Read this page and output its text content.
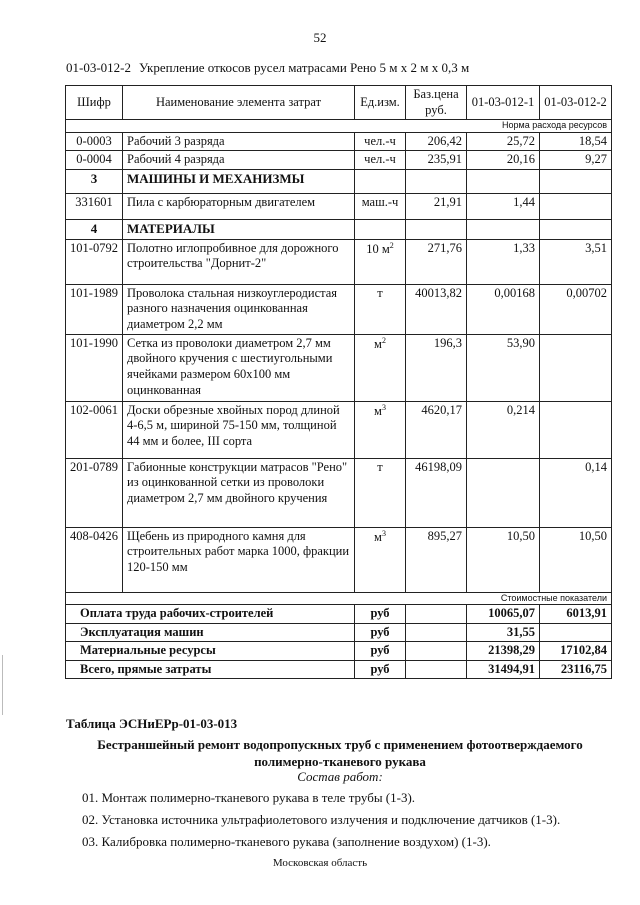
52
01-03-012-2 Укрепление откосов русел матрасами Рено 5 м х 2 м х 0,3 м
Шифр	Наименование элемента затрат	Ед.изм.	Баз.цена руб.	01-03-012-1	01-03-012-2
Норма расхода ресурсов					
0-0003	Рабочий 3 разряда	чел.-ч	206,42	25,72	18,54
0-0004	Рабочий 4 разряда	чел.-ч	235,91	20,16	9,27
3	МАШИНЫ И МЕХАНИЗМЫ				
331601	Пила с карбюраторным двигателем	маш.-ч	21,91	1,44	
4	МАТЕРИАЛЫ				
101-0792	Полотно иглопробивное для дорожного строительства "Дорнит-2"	10 $м^2$	271,76	1,33	3,51
101-1989	Проволока стальная низкоуглеродистая разного назначения оцинкованная диаметром 2,2 мм	т	40013,82	0,00168	0,00702
101-1990	Сетка из проволоки диаметром 2,7 мм двойного кручения с шестиугольными ячейками размером 60х100 мм оцинкованная	$м^2$	196,3	53,90	
102-0061	Доски обрезные хвойных пород длиной 4-6,5 м, шириной 75-150 мм, толщиной 44 мм и более, III сорта	$м^3$	4620,17	0,214	
201-0789	Габионные конструкции матрасов "Рено" из оцинкованной сетки из проволоки диаметром 2,7 мм двойного кручения	т	46198,09		0,14
408-0426	Щебень из природного камня для строительных работ марка 1000, фракции 120-150 мм	$м^3$	895,27	10,50	10,50
Стоимостные показатели					
Оплата труда рабочих-строителей		руб		10065,07	6013,91
Эксплуатация машин		руб		31,55	
Материальные ресурсы		руб		21398,29	17102,84
Всего, прямые затраты		руб		31494,91	23116,75
Таблица ЭСНиЕРр-01-03-013
Бестраншейный ремонт водопропускных труб с применением фотоотверждаемого полимерно-тканевого рукава
Состав работ:
01. Монтаж полимерно-тканевого рукава в теле трубы (1-3).
02. Установка источника ультрафиолетового излучения и подключение датчиков (1-3).
03. Калибровка полимерно-тканевого рукава (заполнение воздухом) (1-3).
Московская область
